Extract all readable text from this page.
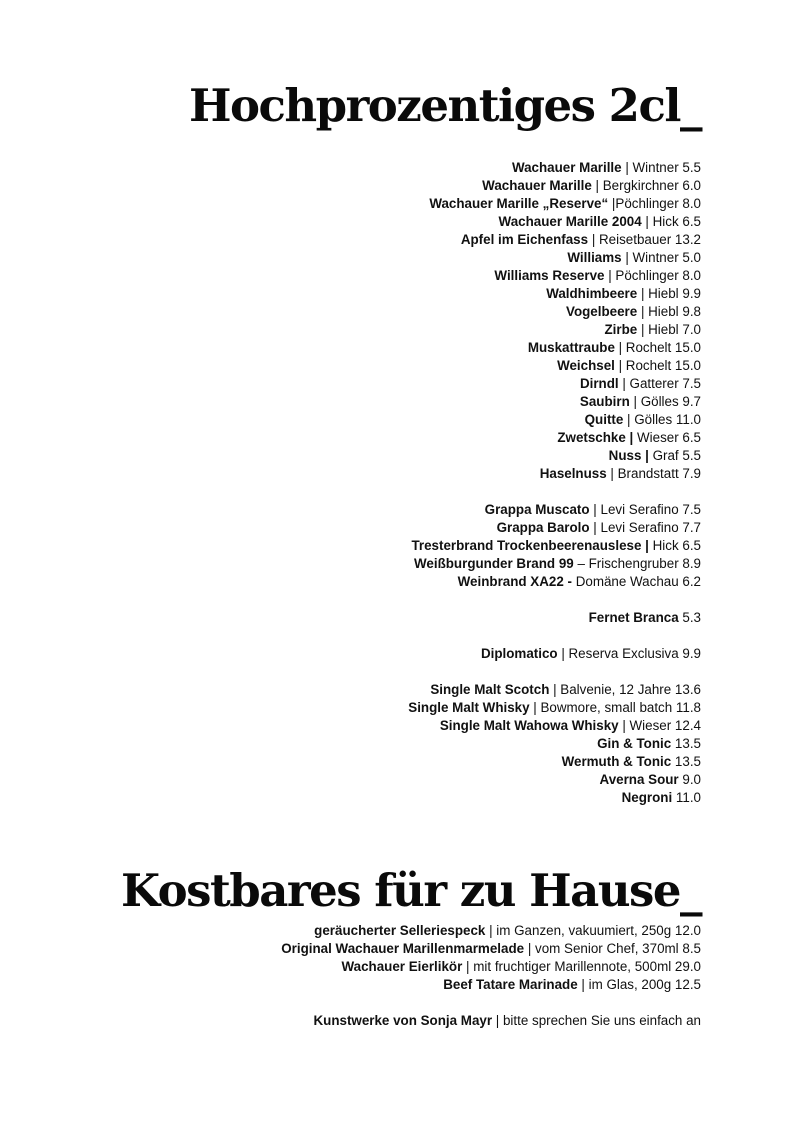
Hochprozentiges 2cl_
Wachauer Marille | Wintner 5.5
Wachauer Marille | Bergkirchner 6.0
Wachauer Marille „Reserve“ |Pöchlinger 8.0
Wachauer Marille 2004 | Hick 6.5
Apfel im Eichenfass | Reisetbauer 13.2
Williams | Wintner 5.0
Williams Reserve | Pöchlinger 8.0
Waldhimbeere | Hiebl 9.9
Vogelbeere | Hiebl 9.8
Zirbe | Hiebl 7.0
Muskattraube | Rochelt 15.0
Weichsel | Rochelt 15.0
Dirndl | Gatterer 7.5
Saubirn | Gölles 9.7
Quitte | Gölles 11.0
Zwetschke | Wieser 6.5
Nuss | Graf 5.5
Haselnuss | Brandstatt 7.9
Grappa Muscato | Levi Serafino 7.5
Grappa Barolo | Levi Serafino 7.7
Tresterbrand Trockenbeerenauslese | Hick 6.5
Weißburgunder Brand 99 – Frischengruber 8.9
Weinbrand XA22 - Domäne Wachau 6.2
Fernet Branca 5.3
Diplomatico | Reserva Exclusiva 9.9
Single Malt Scotch | Balvenie, 12 Jahre 13.6
Single Malt Whisky | Bowmore, small batch 11.8
Single Malt Wahowa Whisky | Wieser 12.4
Gin & Tonic 13.5
Wermuth & Tonic 13.5
Averna Sour 9.0
Negroni 11.0
Kostbares für zu Hause_
geräucherter Selleriespeck | im Ganzen, vakuumiert, 250g 12.0
Original Wachauer Marillenmarmelade | vom Senior Chef, 370ml 8.5
Wachauer Eierlikör | mit fruchtiger Marillennote, 500ml 29.0
Beef Tatare Marinade | im Glas, 200g 12.5
Kunstwerke von Sonja Mayr | bitte sprechen Sie uns einfach an
